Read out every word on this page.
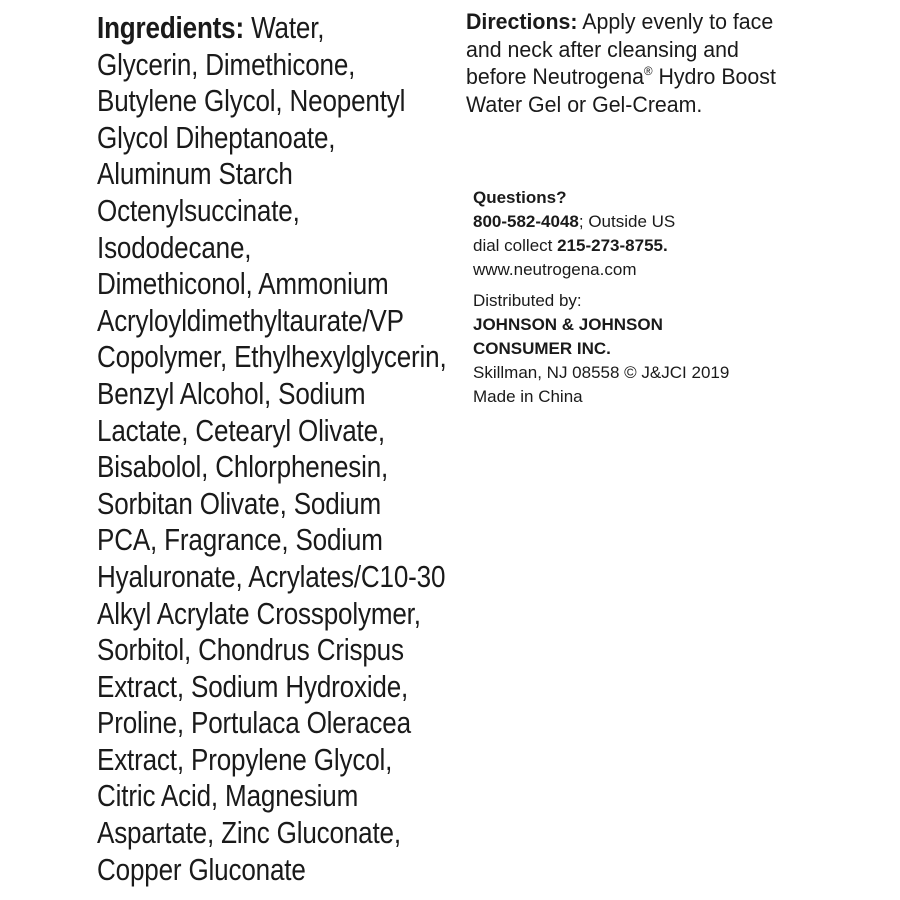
Ingredients: Water,
Glycerin, Dimethicone,
Butylene Glycol, Neopentyl
Glycol Diheptanoate,
Aluminum Starch
Octenylsuccinate,
Isododecane,
Dimethiconol, Ammonium
Acryloyldimethyltaurate/VP
Copolymer, Ethylhexylglycerin,
Benzyl Alcohol, Sodium
Lactate, Cetearyl Olivate,
Bisabolol, Chlorphenesin,
Sorbitan Olivate, Sodium
PCA, Fragrance, Sodium
Hyaluronate, Acrylates/C10-30
Alkyl Acrylate Crosspolymer,
Sorbitol, Chondrus Crispus
Extract, Sodium Hydroxide,
Proline, Portulaca Oleracea
Extract, Propylene Glycol,
Citric Acid, Magnesium
Aspartate, Zinc Gluconate,
Copper Gluconate
Directions: Apply evenly to face
and neck after cleansing and
before Neutrogena® Hydro Boost
Water Gel or Gel-Cream.
Questions?
800-582-4048; Outside US
dial collect 215-273-8755.
www.neutrogena.com
Distributed by:
JOHNSON & JOHNSON
CONSUMER INC.
Skillman, NJ 08558 © J&JCI 2019
Made in China
